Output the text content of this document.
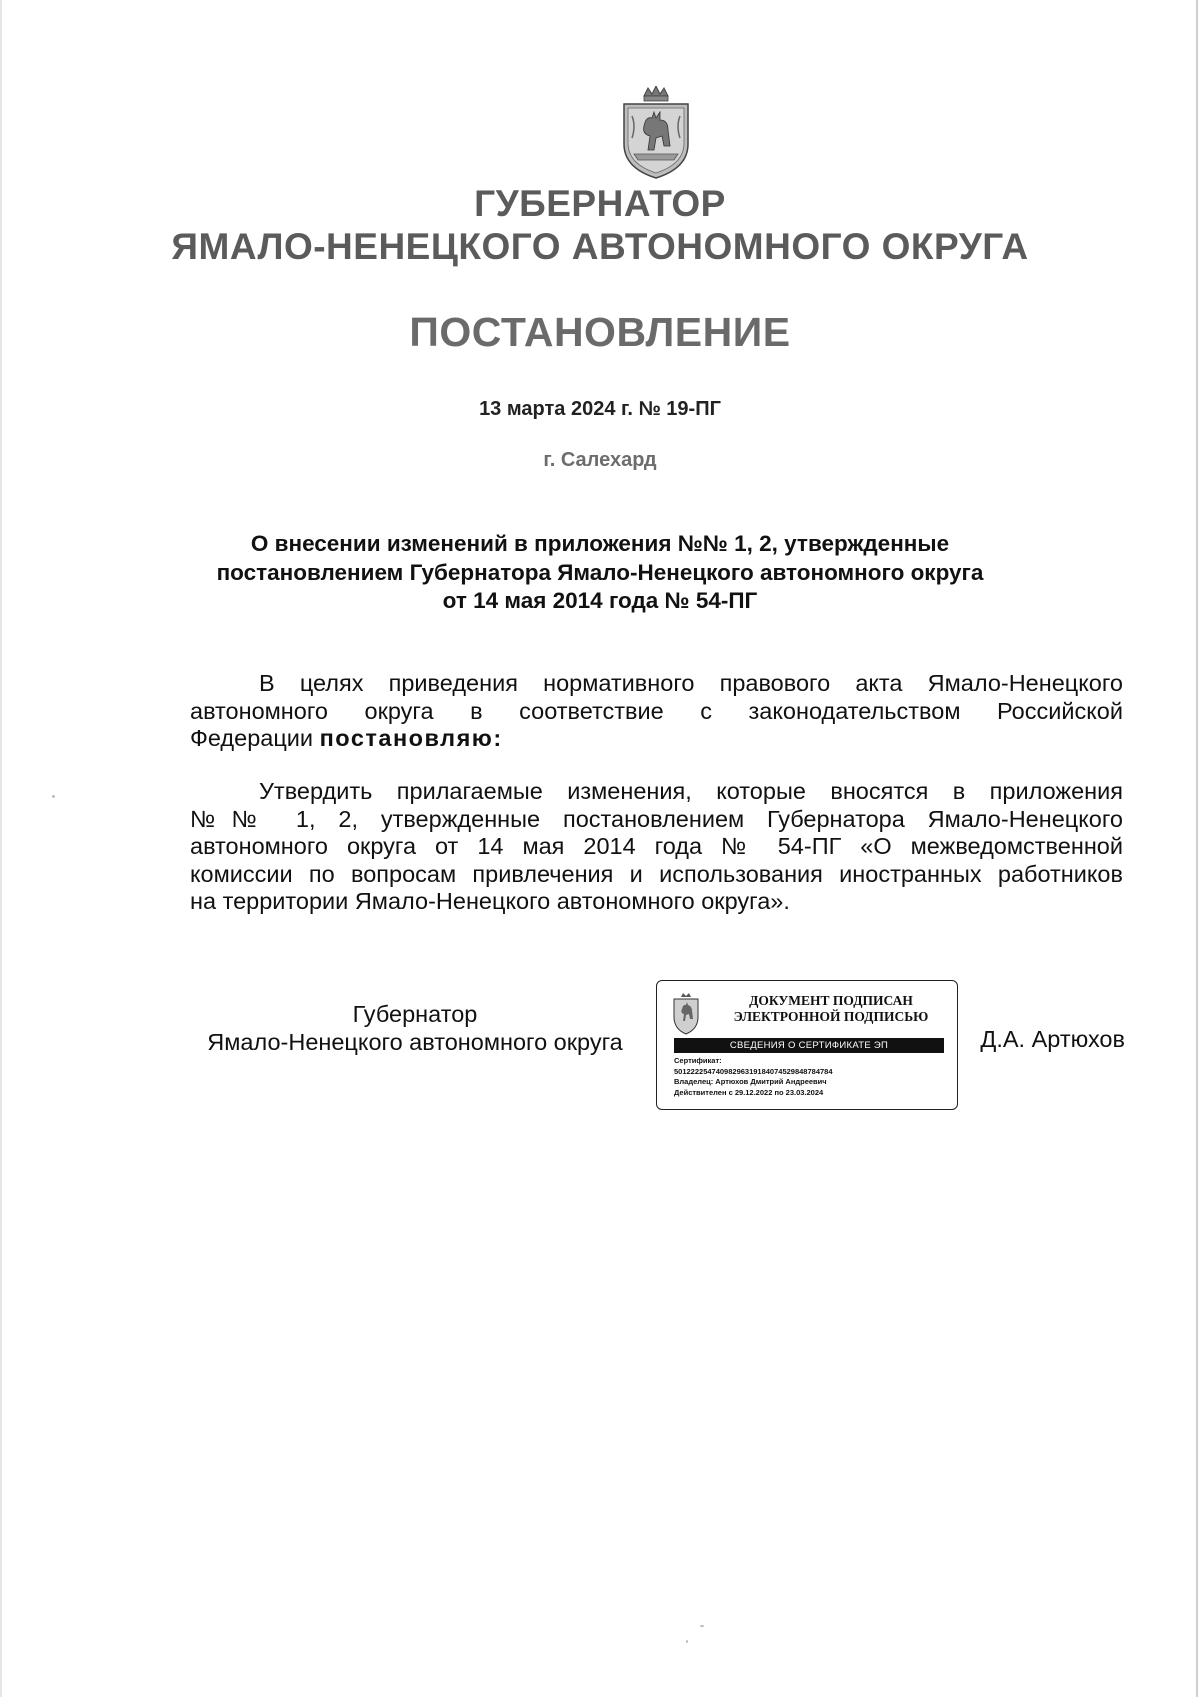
ГУБЕРНАТОР
ЯМАЛО-НЕНЕЦКОГО АВТОНОМНОГО ОКРУГА
ПОСТАНОВЛЕНИЕ
13 марта 2024 г. № 19-ПГ
г. Салехард
О внесении изменений в приложения №№ 1, 2, утвержденные
постановлением Губернатора Ямало-Ненецкого автономного округа
от 14 мая 2014 года № 54-ПГ
В целях приведения нормативного правового акта Ямало-Ненецкого
автономного округа в соответствие с законодательством Российской
Федерации постановляю:
Утвердить прилагаемые изменения, которые вносятся в приложения
№№ 1, 2, утвержденные постановлением Губернатора Ямало-Ненецкого
автономного округа от 14 мая 2014 года № 54-ПГ «О межведомственной
комиссии по вопросам привлечения и использования иностранных работников
на территории Ямало-Ненецкого автономного округа».
Губернатор
Ямало-Ненецкого автономного округа
ДОКУМЕНТ ПОДПИСАН
ЭЛЕКТРОННОЙ ПОДПИСЬЮ
СВЕДЕНИЯ О СЕРТИФИКАТЕ ЭП
Сертификат:
50122225474098296319184074529848784784
Владелец: Артюхов Дмитрий Андреевич
Действителен с 29.12.2022 по 23.03.2024
Д.А. Артюхов
